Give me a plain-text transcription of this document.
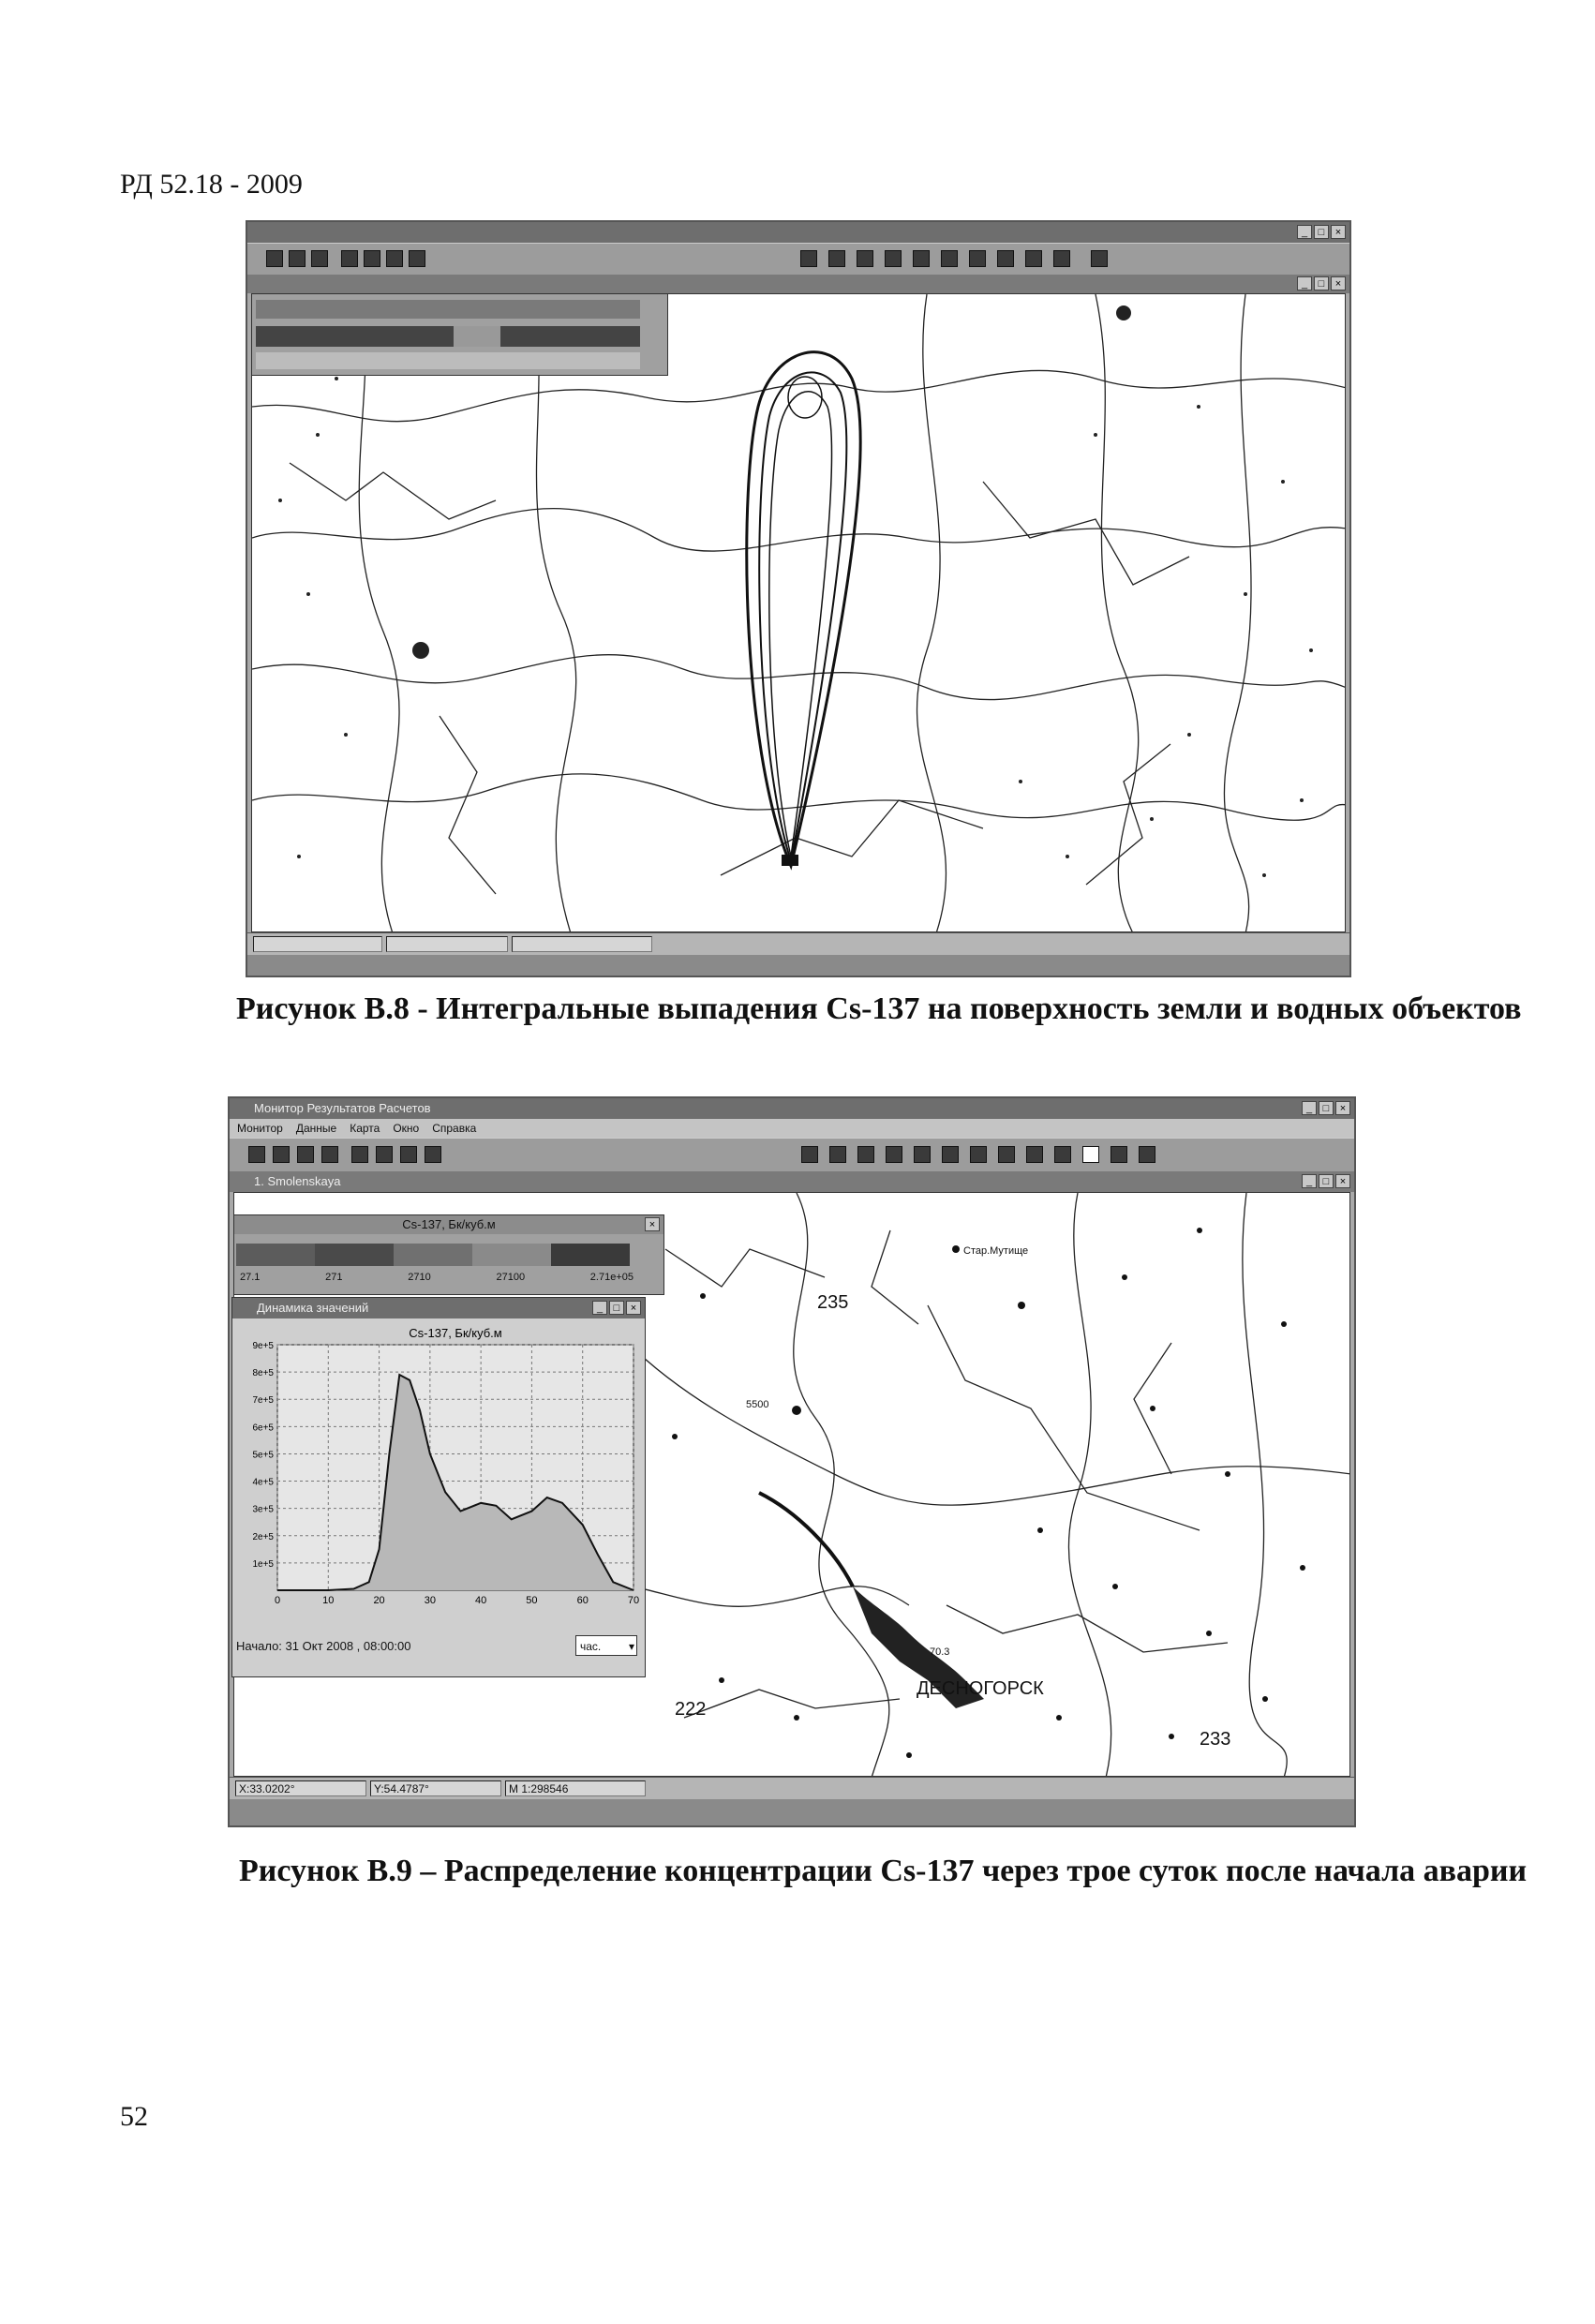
РД 52.18 - 2009
_	□	×
_	□	×
Рисунок В.8 - Интегральные выпадения Cs-137 на поверхность земли и водных объектов
Монитор Результатов Расчетов	_	□	×
Монитор Данные Карта Окно Справка
1. Smolenskaya	_	□	×
235
5500
Стар.Мутище
70.3
ДЕСНОГОРСК
222
233
Cs-137, Бк/куб.м
27.1	271	2710	27100	2.71e+05
×
Динамика значений	_	□	×
Cs-137, Бк/куб.м
0	10	20	30	40	50	60	70
1e+5
2e+5
3e+5
4e+5
5e+5
6e+5
7e+5
8e+5
9e+5
Начало: 31 Окт 2008 , 08:00:00	час. ▾
X:33.0202°	Y:54.4787°	M 1:298546
Рисунок В.9 – Распределение концентрации Cs-137 через трое суток после начала аварии
52
